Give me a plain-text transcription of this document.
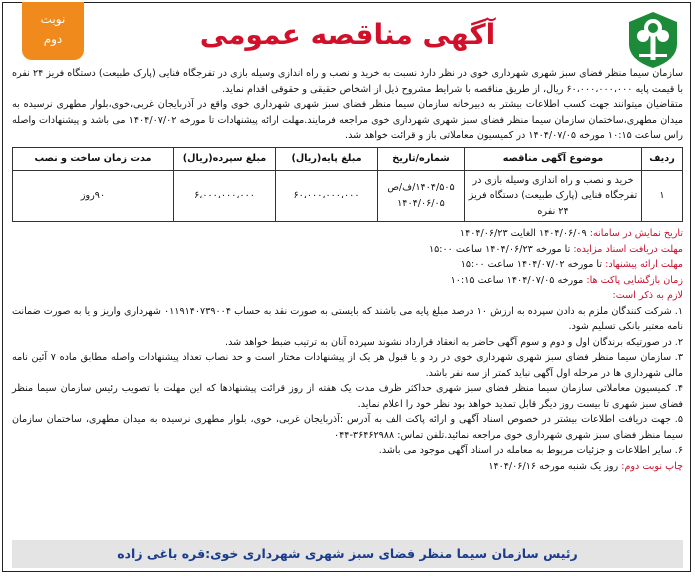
نوبت
دوم	آگهی مناقصه عمومی

سازمان سیما منظر فضای سبز شهری شهرداری خوی در نظر دارد نسبت به خرید و نصب و راه اندازی وسیله بازی در تفرجگاه فنایی (پارک طبیعت) دستگاه فریز ۲۴ نفره با قیمت پایه ۶۰،۰۰۰،۰۰۰،۰۰۰ ریال، از طریق مناقصه با شرایط مشروح ذیل از اشخاص حقیقی و حقوقی اقدام نماید.

متقاضیان میتوانند جهت کسب اطلاعات بیشتر به دبیرخانه سازمان سیما منظر فضای سبز شهری شهرداری خوی واقع در آذربایجان غربی،خوی،بلوار مطهری نرسیده به میدان مطهری،ساختمان سازمان سیما منظر فضای سبز شهری شهرداری خوی مراجعه فرمایند.مهلت ارائه پیشنهادات تا مورخه ۱۴۰۴/۰۷/۰۲ می باشد و پیشنهادات واصله راس ساعت ۱۰:۱۵ مورخه ۱۴۰۴/۰۷/۰۵ در کمیسیون معاملاتی باز و قرائت خواهد شد.

ردیف	موضوع آگهی مناقصه	شماره/تاریخ	مبلغ پایه(ریال)	مبلغ سپرده(ریال)	مدت زمان ساخت و نصب
۱	خرید و نصب و راه اندازی وسیله بازی در تفرجگاه فنایی (پارک طبیعت) دستگاه فریز ۲۴ نفره	۱۴۰۴/۵۰۵/ف/ص
۱۴۰۴/۰۶/۰۵	۶۰،۰۰۰،۰۰۰،۰۰۰	۶،۰۰۰،۰۰۰،۰۰۰	۹۰روز
تاریخ نمایش در سامانه: ۱۴۰۴/۰۶/۰۹ الغایت ۱۴۰۴/۰۶/۲۳
مهلت دریافت اسناد مزایده: تا مورخه ۱۴۰۴/۰۶/۲۳ ساعت ۱۵:۰۰
مهلت ارائه پیشنهاد: تا مورخه ۱۴۰۴/۰۷/۰۲ ساعت ۱۵:۰۰
زمان بازگشایی پاکت ها: مورخه ۱۴۰۴/۰۷/۰۵ ساعت ۱۰:۱۵
لازم به ذکر است:

۱. شرکت کنندگان ملزم به دادن سپرده به ارزش ۱۰ درصد مبلغ پایه می باشند که بایستی به صورت نقد به حساب ۰۱۱۹۱۴۰۷۳۹۰۰۴ شهرداری واریز و یا به صورت ضمانت نامه معتبر بانکی تسلیم شود.

۲. در صورتیکه برندگان اول و دوم و سوم آگهی حاضر به انعقاد قرارداد نشوند سپرده آنان به ترتیب ضبط خواهد شد.

۳. سازمان سیما منظر فضای سبز شهری شهرداری خوی در رد و یا قبول هر یک از پیشنهادات مختار است و حد نصاب تعداد پیشنهادات واصله مطابق ماده ۷ آئین نامه مالی شهرداری ها در مرحله اول آگهی نباید کمتر از سه نفر باشد.

۴. کمیسیون معاملاتی سازمان سیما منظر فضای سبز شهری حداکثر ظرف مدت یک هفته از روز قرائت پیشنهادها که این مهلت با تصویب رئیس سازمان سیما منظر فضای سبز شهری تا بیست روز دیگر قابل تمدید خواهد بود نظر خود را اعلام نماید.

۵. جهت دریافت اطلاعات بیشتر در خصوص اسناد آگهی و ارائه پاکت الف به آدرس :آذربایجان غربی، خوی، بلوار مطهری نرسیده به میدان مطهری، ساختمان سازمان سیما منظر فضای سبز شهری شهرداری خوی مراجعه نمائید.تلفن تماس: ۳۶۴۶۲۹۸۸-۰۴۴

۶. سایر اطلاعات و جزئیات مربوط به معامله در اسناد آگهی موجود می باشد.

چاپ نوبت دوم: روز یک شنبه مورخه ۱۴۰۴/۰۶/۱۶
رئیس سازمان سیما منظر فضای سبز شهری شهرداری خوی:قره باغی زاده
